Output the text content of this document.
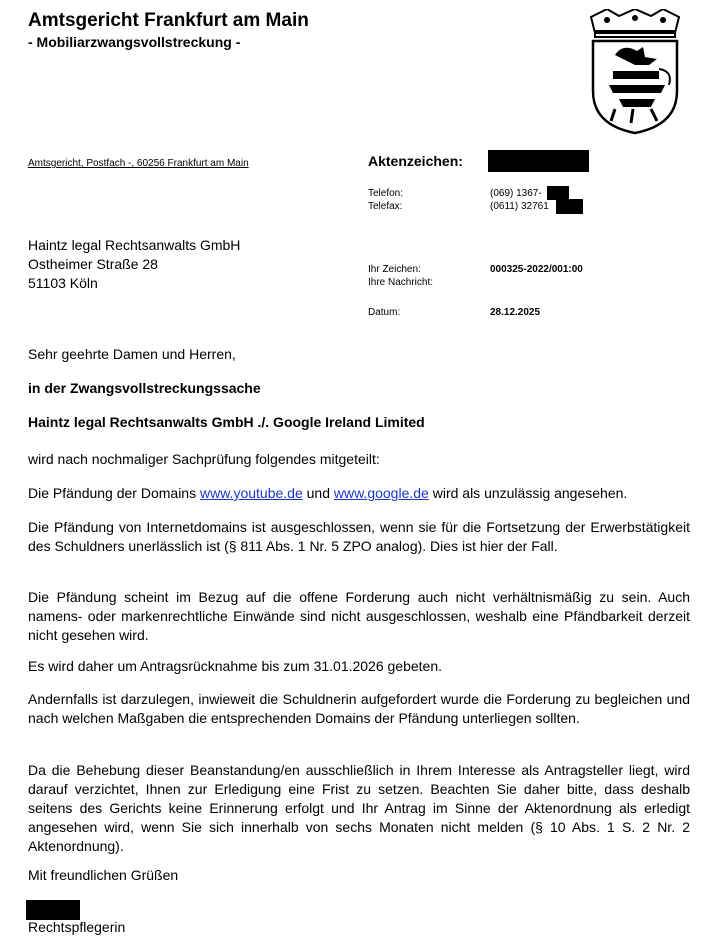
Amtsgericht Frankfurt am Main
- Mobiliarzwangsvollstreckung -
Amtsgericht, Postfach -, 60256 Frankfurt am Main	Aktenzeichen:
Telefon:	(069) 1367-
Telefax:	(0611) 32761
Ihr Zeichen:	000325-2022/001:00
Ihre Nachricht:
Datum:	28.12.2025
Haintz legal Rechtsanwalts GmbH
Ostheimer Straße 28
51103 Köln
Sehr geehrte Damen und Herren,
in der Zwangsvollstreckungssache
Haintz legal Rechtsanwalts GmbH ./. Google Ireland Limited
wird nach nochmaliger Sachprüfung folgendes mitgeteilt:
Die Pfändung der Domains www.youtube.de und www.google.de wird als unzulässig angesehen.
Die Pfändung von Internetdomains ist ausgeschlossen, wenn sie für die Fortsetzung der Erwerbstätigkeit des Schuldners unerlässlich ist (§ 811 Abs. 1 Nr. 5 ZPO analog). Dies ist hier der Fall.
Die Pfändung scheint im Bezug auf die offene Forderung auch nicht verhältnismäßig zu sein. Auch namens- oder markenrechtliche Einwände sind nicht ausgeschlossen, weshalb eine Pfändbarkeit derzeit nicht gesehen wird.
Es wird daher um Antragsrücknahme bis zum 31.01.2026 gebeten.
Andernfalls ist darzulegen, inwieweit die Schuldnerin aufgefordert wurde die Forderung zu begleichen und nach welchen Maßgaben die entsprechenden Domains der Pfändung unterliegen sollten.
Da die Behebung dieser Beanstandung/en ausschließlich in Ihrem Interesse als Antragsteller liegt, wird darauf verzichtet, Ihnen zur Erledigung eine Frist zu setzen. Beachten Sie daher bitte, dass deshalb seitens des Gerichts keine Erinnerung erfolgt und Ihr Antrag im Sinne der Aktenordnung als erledigt angesehen wird, wenn Sie sich innerhalb von sechs Monaten nicht melden (§ 10 Abs. 1 S. 2 Nr. 2 Aktenordnung).
Mit freundlichen Grüßen
Rechtspflegerin
